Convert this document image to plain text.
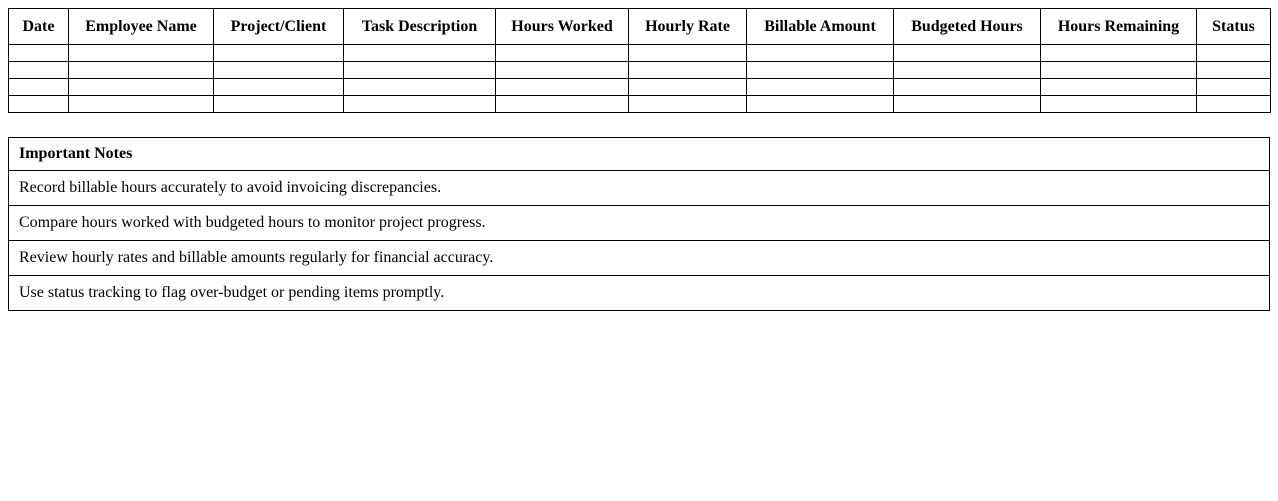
Date	Employee Name	Project/Client	Task Description	Hours Worked	Hourly Rate	Billable Amount	Budgeted Hours	Hours Remaining	Status

Important Notes
Record billable hours accurately to avoid invoicing discrepancies.
Compare hours worked with budgeted hours to monitor project progress.
Review hourly rates and billable amounts regularly for financial accuracy.
Use status tracking to flag over-budget or pending items promptly.
